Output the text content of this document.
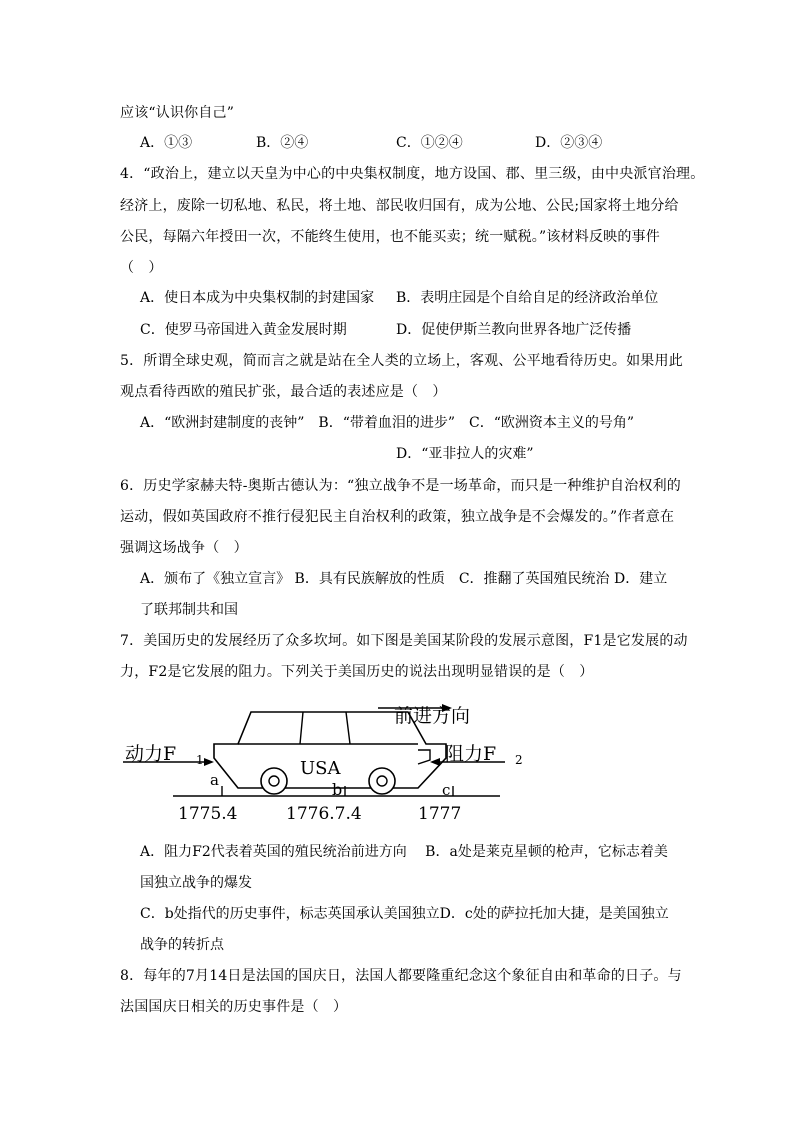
应该“认识你自己”
A．①③	B．②④	C．①②④	D．②③④
4．“政治上，建立以天皇为中心的中央集权制度，地方设国、郡、里三级，由中央派官治理。
经济上，废除一切私地、私民，将土地、部民收归国有，成为公地、公民;国家将土地分给
公民，每隔六年授田一次，不能终生使用，也不能买卖；统一赋税。”该材料反映的事件
（　）
A．使日本成为中央集权制的封建国家 B．表明庄园是个自给自足的经济政治单位
C．使罗马帝国进入黄金发展时期	D．促使伊斯兰教向世界各地广泛传播
5．所谓全球史观，简而言之就是站在全人类的立场上，客观、公平地看待历史。如果用此
观点看待西欧的殖民扩张，最合适的表述应是（　）
A．“欧洲封建制度的丧钟”　B．“带着血泪的进步”　C．“欧洲资本主义的号角”
D．“亚非拉人的灾难”
6．历史学家赫夫特-奥斯古德认为：“独立战争不是一场革命，而只是一种维护自治权利的
运动，假如英国政府不推行侵犯民主自治权利的政策，独立战争是不会爆发的。”作者意在
强调这场战争（　）
A．颁布了《独立宣言》 B．具有民族解放的性质　C．推翻了英国殖民统治 D．建立
了联邦制共和国
7．美国历史的发展经历了众多坎坷。如下图是美国某阶段的发展示意图，F1是它发展的动
力，F2是它发展的阻力。下列关于美国历史的说法出现明显错误的是（　）
前进方向
动力F 1	阻力F 2
USA
a	b	c
1775.4	1776.7.4	1777
A．阻力F2代表着英国的殖民统治前进方向　 B．a处是莱克星顿的枪声，它标志着美
国独立战争的爆发
C．b处指代的历史事件，标志英国承认美国独立D．c处的萨拉托加大捷，是美国独立
战争的转折点
8．每年的7月14日是法国的国庆日，法国人都要隆重纪念这个象征自由和革命的日子。与
法国国庆日相关的历史事件是（　）
